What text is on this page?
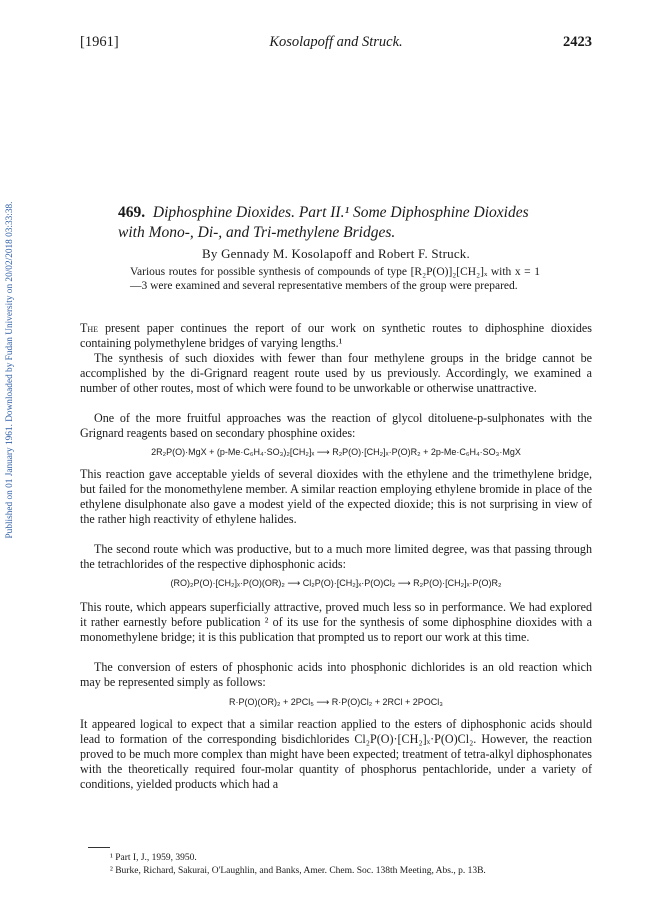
Published on 01 January 1961. Downloaded by Fudan University on 20/02/2018 03:33:38.
[1961]	Kosolapoff and Struck.	2423
469. Diphosphine Dioxides. Part II.¹ Some Diphosphine Dioxides with Mono-, Di-, and Tri-methylene Bridges.
By Gennady M. Kosolapoff and Robert F. Struck.
Various routes for possible synthesis of compounds of type [R₂P(O)]₂[CH₂]ₓ with x = 1—3 were examined and several representative members of the group were prepared.

The present paper continues the report of our work on synthetic routes to diphosphine dioxides containing polymethylene bridges of varying lengths.¹

The synthesis of such dioxides with fewer than four methylene groups in the bridge cannot be accomplished by the di-Grignard reagent route used by us previously. Accordingly, we examined a number of other routes, most of which were found to be unworkable or otherwise unattractive.

One of the more fruitful approaches was the reaction of glycol ditoluene-p-sulphonates with the Grignard reagents based on secondary phosphine oxides:

2R₂P(O)·MgX + (p-Me·C₆H₄·SO₃)₂[CH₂]ₓ ⟶ R₂P(O)·[CH₂]ₓ·P(O)R₂ + 2p-Me·C₆H₄·SO₃·MgX

This reaction gave acceptable yields of several dioxides with the ethylene and the trimethylene bridge, but failed for the monomethylene member. A similar reaction employing ethylene bromide in place of the ethylene disulphonate also gave a modest yield of the expected dioxide; this is not surprising in view of the rather high reactivity of ethylene halides.

The second route which was productive, but to a much more limited degree, was that passing through the tetrachlorides of the respective diphosphonic acids:

(RO)₂P(O)·[CH₂]ₓ·P(O)(OR)₂ ⟶ Cl₂P(O)·[CH₂]ₓ·P(O)Cl₂ ⟶ R₂P(O)·[CH₂]ₓ·P(O)R₂

This route, which appears superficially attractive, proved much less so in performance. We had explored it rather earnestly before publication ² of its use for the synthesis of some diphosphine dioxides with a monomethylene bridge; it is this publication that prompted us to report our work at this time.

The conversion of esters of phosphonic acids into phosphonic dichlorides is an old reaction which may be represented simply as follows:

R·P(O)(OR)₂ + 2PCl₅ ⟶ R·P(O)Cl₂ + 2RCl + 2POCl₃

It appeared logical to expect that a similar reaction applied to the esters of diphosphonic acids should lead to formation of the corresponding bisdichlorides Cl₂P(O)·[CH₂]ₓ·P(O)Cl₂. However, the reaction proved to be much more complex than might have been expected; treatment of tetra-alkyl diphosphonates with the theoretically required four-molar quantity of phosphorus pentachloride, under a variety of conditions, yielded products which had a

¹ Part I, J., 1959, 3950.
² Burke, Richard, Sakurai, O'Laughlin, and Banks, Amer. Chem. Soc. 138th Meeting, Abs., p. 13B.
